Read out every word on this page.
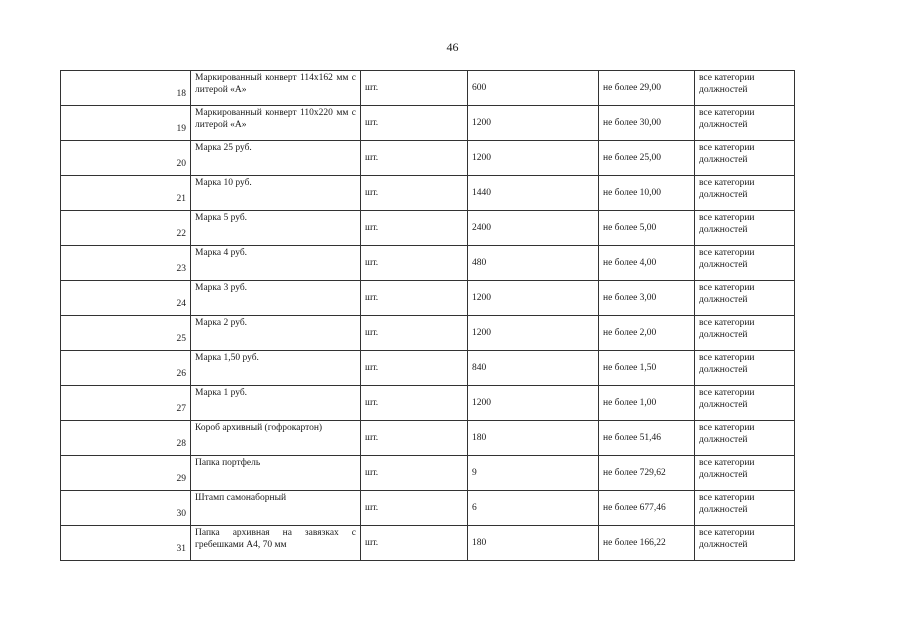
46
18	Маркированный конверт 114х162 мм с литерой «А»	шт.	600	не более 29,00	все категории должностей
19	Маркированный конверт 110х220 мм с литерой «А»	шт.	1200	не более 30,00	все категории должностей
20	Марка 25 руб.	шт.	1200	не более 25,00	все категории должностей
21	Марка 10 руб.	шт.	1440	не более 10,00	все категории должностей
22	Марка 5 руб.	шт.	2400	не более 5,00	все категории должностей
23	Марка 4 руб.	шт.	480	не более 4,00	все категории должностей
24	Марка 3 руб.	шт.	1200	не более 3,00	все категории должностей
25	Марка 2 руб.	шт.	1200	не более 2,00	все категории должностей
26	Марка 1,50 руб.	шт.	840	не более 1,50	все категории должностей
27	Марка 1 руб.	шт.	1200	не более 1,00	все категории должностей
28	Короб архивный (гофрокартон)	шт.	180	не более 51,46	все категории должностей
29	Папка портфель	шт.	9	не более 729,62	все категории должностей
30	Штамп самонаборный	шт.	6	не более 677,46	все категории должностей
31	Папка архивная на завязках с гребешками А4, 70 мм	шт.	180	не более 166,22	все категории должностей
